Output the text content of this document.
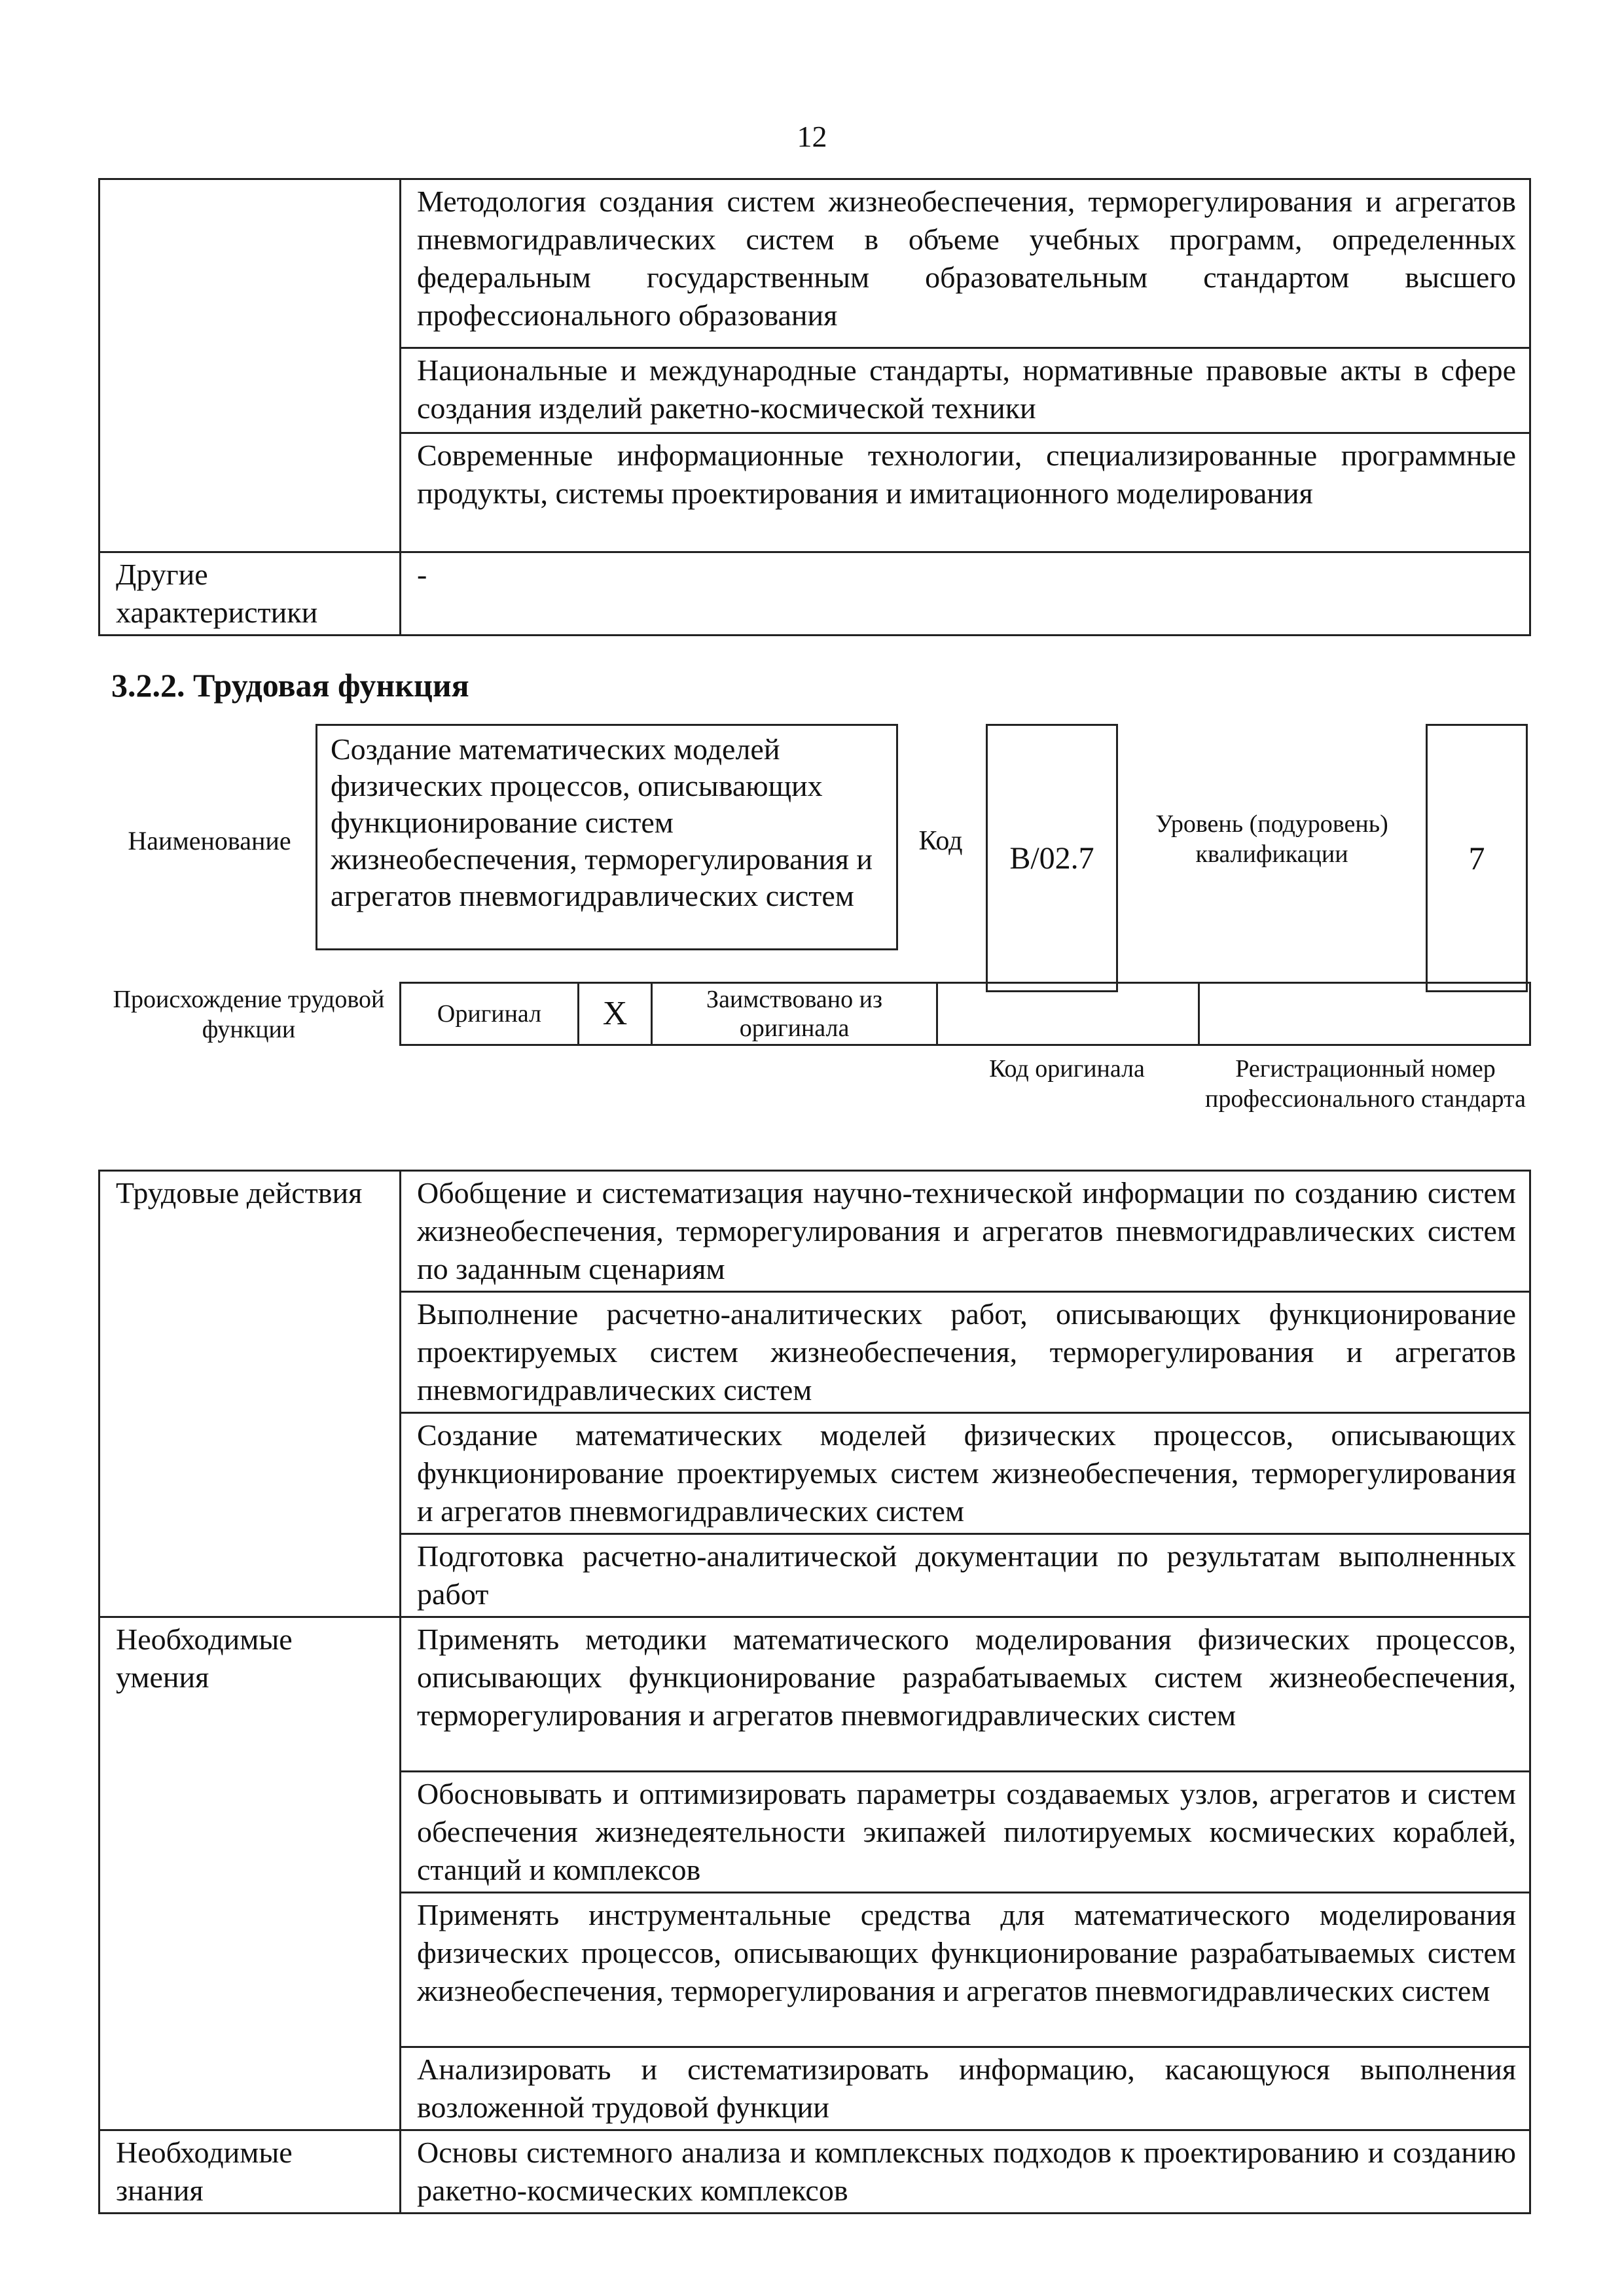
12
	Методология создания систем жизнеобеспечения, терморегулирования и агрегатов пневмогидравлических систем в объеме учебных программ, определенных федеральным государственным образовательным стандартом высшего профессионального образования
	Национальные и международные стандарты, нормативные правовые акты в сфере создания изделий ракетно-космической техники
	Современные информационные технологии, специализированные программные продукты, системы проектирования и имитационного моделирования
Другие характеристики	-
3.2.2. Трудовая функция
Наименование
Создание математических моделей физических процессов, описывающих функционирование систем жизнеобеспечения, терморегулирования и агрегатов пневмогидравлических систем
Код	B/02.7
Уровень (подуровень) квалификации	7
Происхождение трудовой функции
Оригинал	X	Заимствовано из оригинала		
Код оригинала	Регистрационный номер профессионального стандарта
Трудовые действия	Обобщение и систематизация научно-технической информации по созданию систем жизнеобеспечения, терморегулирования и агрегатов пневмогидравлических систем по заданным сценариям
	Выполнение расчетно-аналитических работ, описывающих функционирование проектируемых систем жизнеобеспечения, терморегулирования и агрегатов пневмогидравлических систем
	Создание математических моделей физических процессов, описывающих функционирование проектируемых систем жизнеобеспечения, терморегулирования и агрегатов пневмогидравлических систем
	Подготовка расчетно-аналитической документации по результатам выполненных работ
Необходимые умения	Применять методики математического моделирования физических процессов, описывающих функционирование разрабатываемых систем жизнеобеспечения, терморегулирования и агрегатов пневмогидравлических систем
	Обосновывать и оптимизировать параметры создаваемых узлов, агрегатов и систем обеспечения жизнедеятельности экипажей пилотируемых космических кораблей, станций и комплексов
	Применять инструментальные средства для математического моделирования физических процессов, описывающих функционирование разрабатываемых систем жизнеобеспечения, терморегулирования и агрегатов пневмогидравлических систем
	Анализировать и систематизировать информацию, касающуюся выполнения возложенной трудовой функции
Необходимые знания	Основы системного анализа и комплексных подходов к проектированию и созданию ракетно-космических комплексов
